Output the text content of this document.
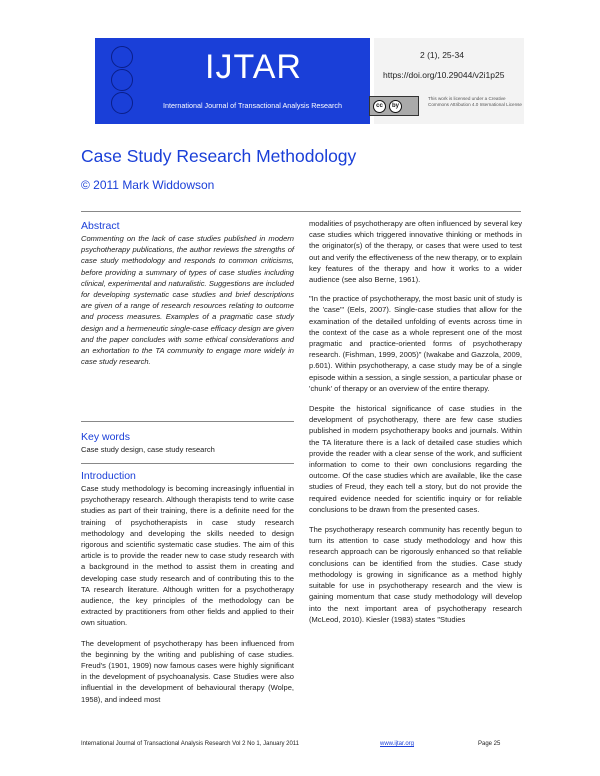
IJTAR
International Journal of Transactional Analysis Research
2 (1), 25-34
https://doi.org/10.29044/v2i1p25
cc	by
This work is licensed under a Creative Commons Attribution 4.0 International License
Case Study Research Methodology
© 2011 Mark Widdowson

Abstract

Commenting on the lack of case studies published in modern psychotherapy publications, the author reviews the strengths of case study methodology and responds to common criticisms, before providing a summary of types of case studies including clinical, experimental and naturalistic. Suggestions are included for developing systematic case studies and brief descriptions are given of a range of research resources relating to outcome and process measures. Examples of a pragmatic case study design and a hermeneutic single-case efficacy design are given and the paper concludes with some ethical considerations and an exhortation to the TA community to engage more widely in case study research.

Key words

Case study design, case study research

Introduction

Case study methodology is becoming increasingly influential in psychotherapy research. Although therapists tend to write case studies as part of their training, there is a definite need for the training of psychotherapists in case study research methodology and developing the skills needed to design rigorous and scientific systematic case studies. The aim of this article is to provide the reader new to case study research with a background in the method to assist them in creating and developing case study research and of contributing this to the TA research literature. Although written for a psychotherapy audience, the key principles of the methodology can be extracted by practitioners from other fields and applied to their own situation.

The development of psychotherapy has been influenced from the beginning by the writing and publishing of case studies. Freud's (1901, 1909) now famous cases were highly significant in the development of psychoanalysis. Case Studies were also influential in the development of behavioural therapy (Wolpe, 1958), and indeed most

modalities of psychotherapy are often influenced by several key case studies which triggered innovative thinking or methods in the originator(s) of the therapy, or cases that were used to test out and verify the effectiveness of the new therapy, or to explain key features of the therapy and how it works to a wider audience (see also Berne, 1961).

"In the practice of psychotherapy, the most basic unit of study is the 'case'" (Eels, 2007). Single-case studies that allow for the examination of the detailed unfolding of events across time in the context of the case as a whole represent one of the most pragmatic and practice-oriented forms of psychotherapy research. (Fishman, 1999, 2005)" (Iwakabe and Gazzola, 2009, p.601). Within psychotherapy, a case study may be of a single episode within a session, a single session, a particular phase or 'chunk' of therapy or an overview of the entire therapy.

Despite the historical significance of case studies in the development of psychotherapy, there are few case studies published in modern psychotherapy books and journals. Within the TA literature there is a lack of detailed case studies which provide the reader with a clear sense of the work, and sufficient information to come to their own conclusions regarding the outcome. Of the case studies which are available, like the case studies of Freud, they each tell a story, but do not provide the required evidence needed for scientific inquiry or for reliable conclusions to be drawn from the presented cases.

The psychotherapy research community has recently begun to turn its attention to case study methodology and how this research approach can be rigorously enhanced so that reliable conclusions can be identified from the studies. Case study methodology is growing in significance as a method highly suitable for use in psychotherapy research and the view is gaining momentum that case study methodology will develop into the next important area of psychotherapy research (McLeod, 2010). Kiesler (1983) states "Studies

International Journal of Transactional Analysis Research Vol 2 No 1, January 2011	www.ijtar.org	Page 25
